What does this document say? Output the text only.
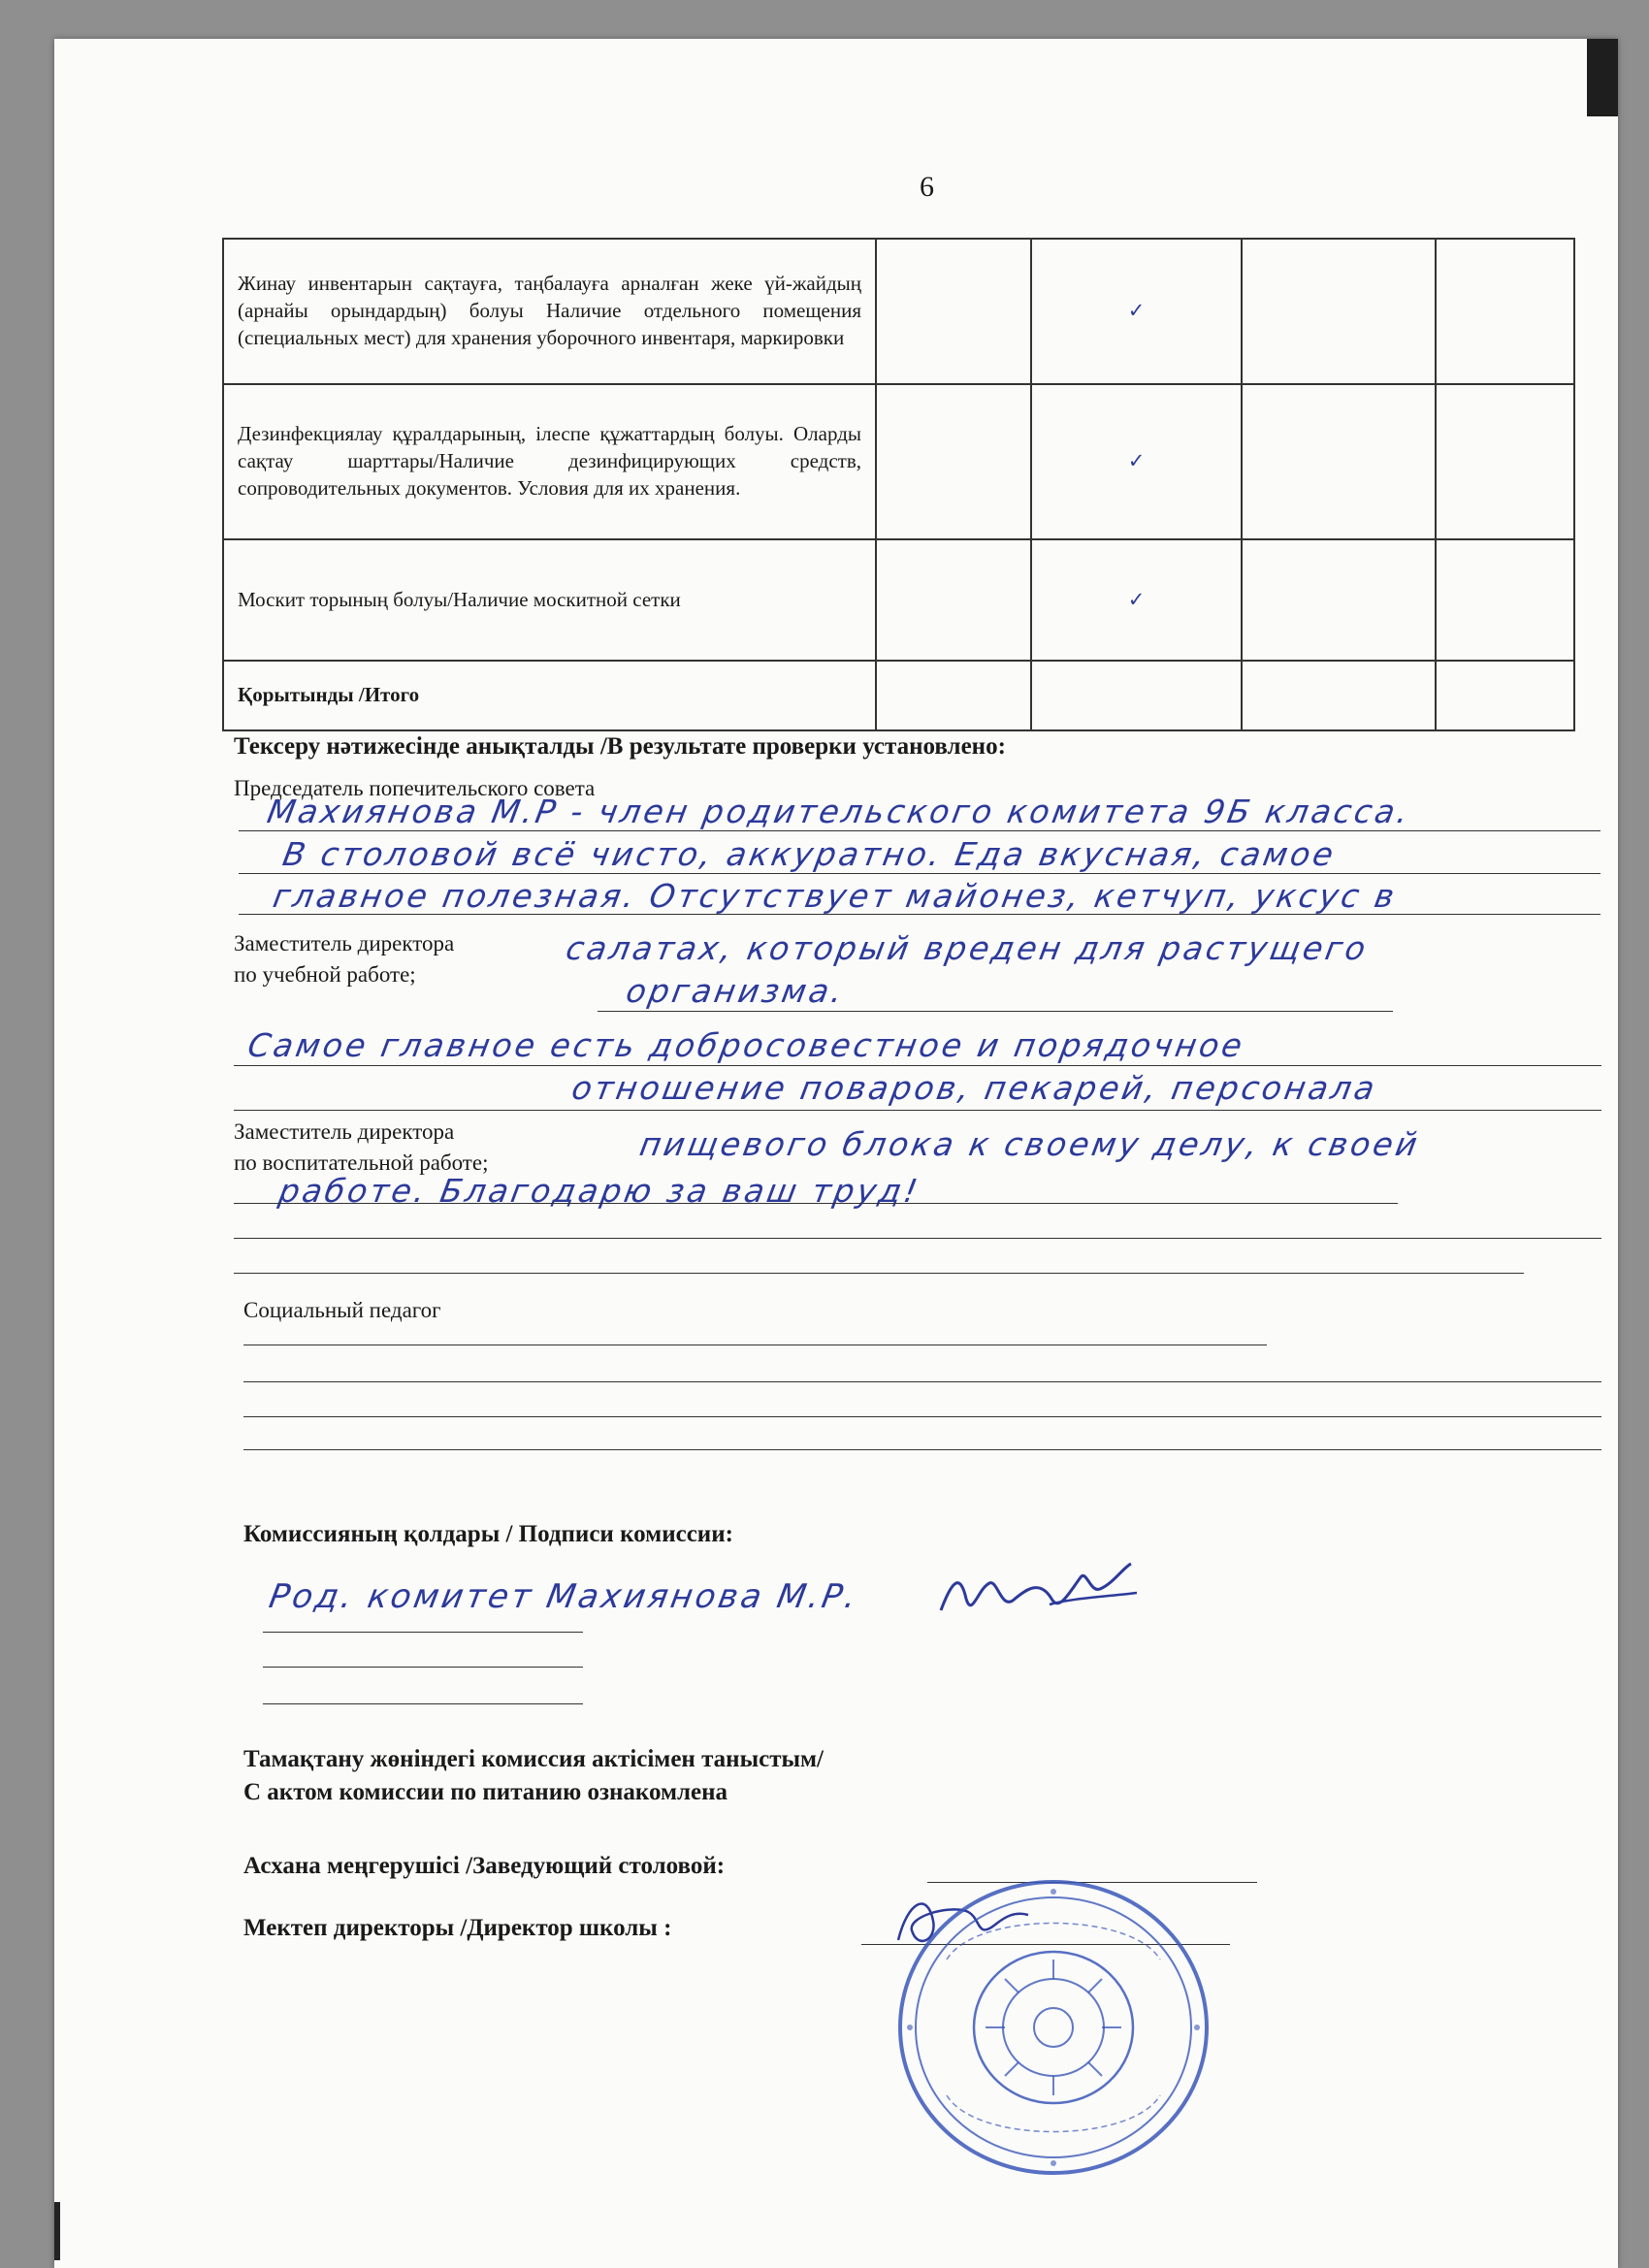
6
Жинау инвентарын сақтауға, таңбалауға арналған жеке үй-жайдың (арнайы орындардың) болуы Наличие отдельного помещения (специальных мест) для хранения уборочного инвентаря, маркировки		✓		
Дезинфекциялау құралдарының, ілеспе құжаттардың болуы. Оларды сақтау шарттары/Наличие дезинфицирующих средств, сопроводительных документов. Условия для их хранения.		✓		
Москит торының болуы/Наличие москитной сетки		✓		
Қорытынды /Итого				
Тексеру нәтижесінде анықталды /В результате проверки установлено:
Председатель попечительского совета
Махиянова М.Р - член родительского комитета 9Б класса.
В столовой всё чисто, аккуратно. Еда вкусная, самое
главное полезная. Отсутствует майонез, кетчуп, уксус в
Заместитель директора
по учебной работе;
салатах, который вреден для растущего
организма.
Самое главное есть добросовестное и порядочное
отношение поваров, пекарей, персонала
Заместитель директора
по воспитательной работе;	пищевого блока к своему делу, к своей
работе. Благодарю за ваш труд!
Социальный педагог
Комиссияның қолдары / Подписи комиссии:
Род. комитет Махиянова М.Р.
Тамақтану жөніндегі комиссия актісімен таныстым/
С актом комиссии по питанию ознакомлена
Асхана меңгерушісі /Заведующий столовой:
Мектеп директоры /Директор школы :
